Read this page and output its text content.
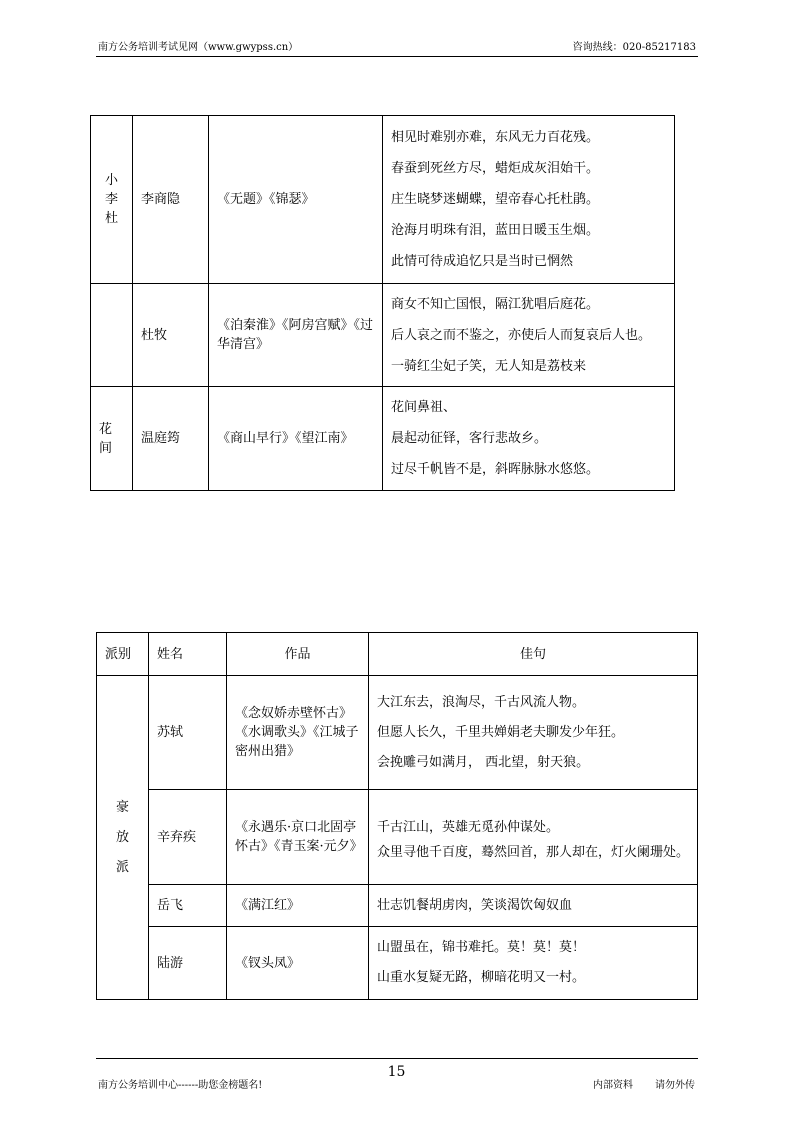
南方公务培训考试见网（www.gwypss.cn）	咨询热线：020-85217183
小李杜	李商隐	《无题》《锦瑟》	相见时难别亦难，东风无力百花残。
春蚕到死丝方尽，蜡炬成灰泪始干。
庄生晓梦迷蝴蝶，望帝春心托杜鹃。
沧海月明珠有泪，蓝田日暖玉生烟。
此情可待成追忆只是当时已惘然

	杜牧	《泊秦淮》《阿房宫赋》《过华清宫》	商女不知亡国恨，隔江犹唱后庭花。
后人哀之而不鉴之，亦使后人而复哀后人也。
一骑红尘妃子笑，无人知是荔枝来

花间	温庭筠	《商山早行》《望江南》	花间鼻祖、
晨起动征铎，客行悲故乡。
过尽千帆皆不是，斜晖脉脉水悠悠。
派别	姓名	作品	佳句

豪
放
派	苏轼	《念奴娇赤壁怀古》《水调歌头》《江城子密州出猎》	大江东去，浪淘尽，千古风流人物。
但愿人长久，千里共婵娟老夫聊发少年狂。
会挽雕弓如满月， 西北望，射天狼。

	辛弃疾	《永遇乐·京口北固亭怀古》《青玉案·元夕》	千古江山，英雄无觅孙仲谋处。
众里寻他千百度，蓦然回首，那人却在，灯火阑珊处。

	岳飞	《满江红》	壮志饥餐胡虏肉，笑谈渴饮匈奴血

	陆游	《钗头凤》	山盟虽在，锦书难托。莫！莫！莫！
山重水复疑无路，柳暗花明又一村。
15
南方公务培训中心------助您金榜题名!	内部资料 请勿外传
